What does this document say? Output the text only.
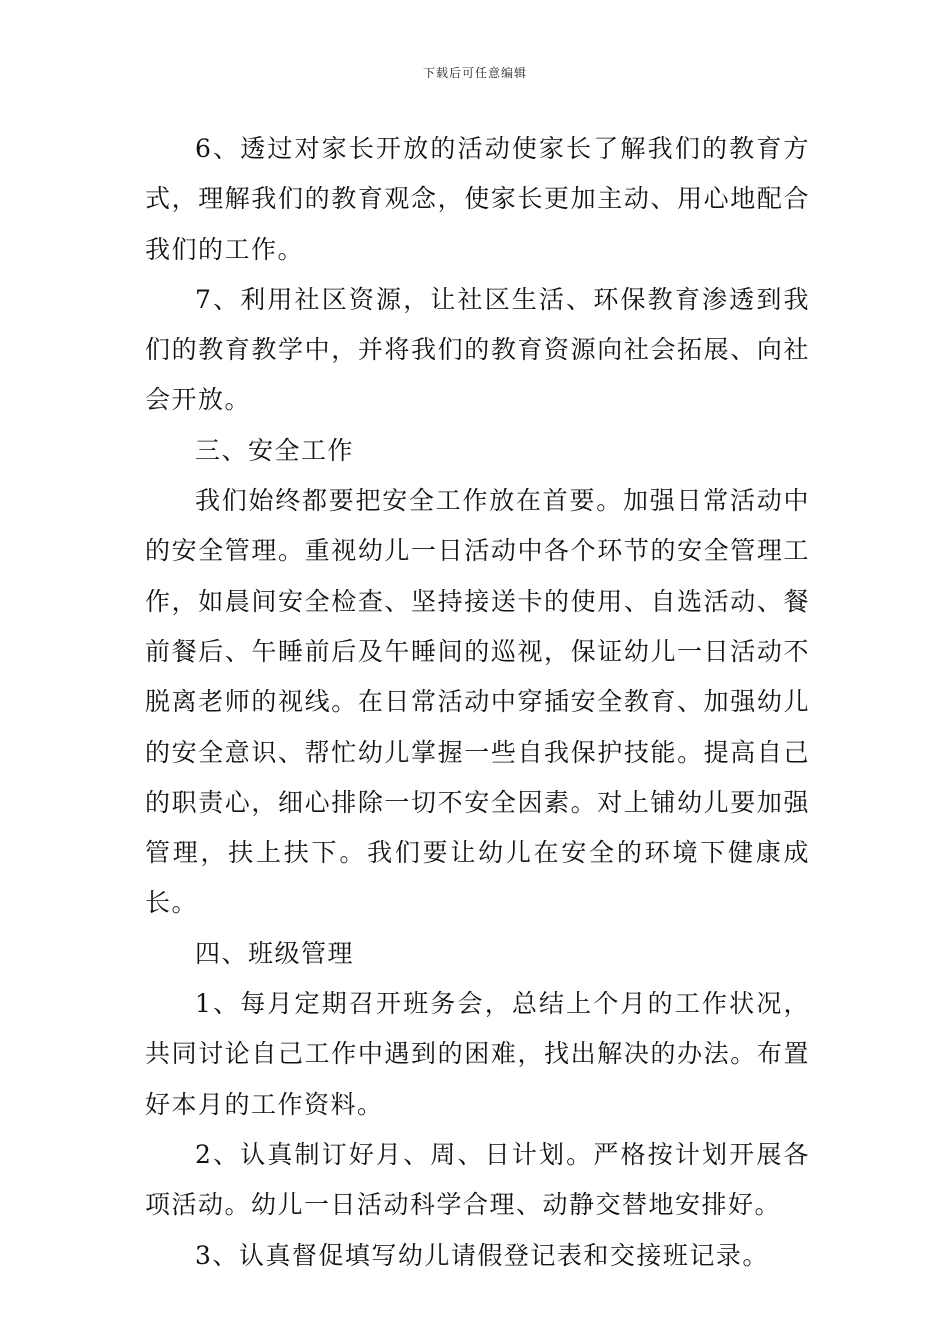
下载后可任意编辑

6、透过对家长开放的活动使家长了解我们的教育方式，理解我们的教育观念，使家长更加主动、用心地配合我们的工作。

7、利用社区资源，让社区生活、环保教育渗透到我们的教育教学中，并将我们的教育资源向社会拓展、向社会开放。

三、安全工作

我们始终都要把安全工作放在首要。加强日常活动中的安全管理。重视幼儿一日活动中各个环节的安全管理工作，如晨间安全检查、坚持接送卡的使用、自选活动、餐前餐后、午睡前后及午睡间的巡视，保证幼儿一日活动不脱离老师的视线。在日常活动中穿插安全教育、加强幼儿的安全意识、帮忙幼儿掌握一些自我保护技能。提高自己的职责心，细心排除一切不安全因素。对上铺幼儿要加强管理，扶上扶下。我们要让幼儿在安全的环境下健康成长。

四、班级管理

1、每月定期召开班务会，总结上个月的工作状况，共同讨论自己工作中遇到的困难，找出解决的办法。布置好本月的工作资料。

2、认真制订好月、周、日计划。严格按计划开展各项活动。幼儿一日活动科学合理、动静交替地安排好。

3、认真督促填写幼儿请假登记表和交接班记录。
